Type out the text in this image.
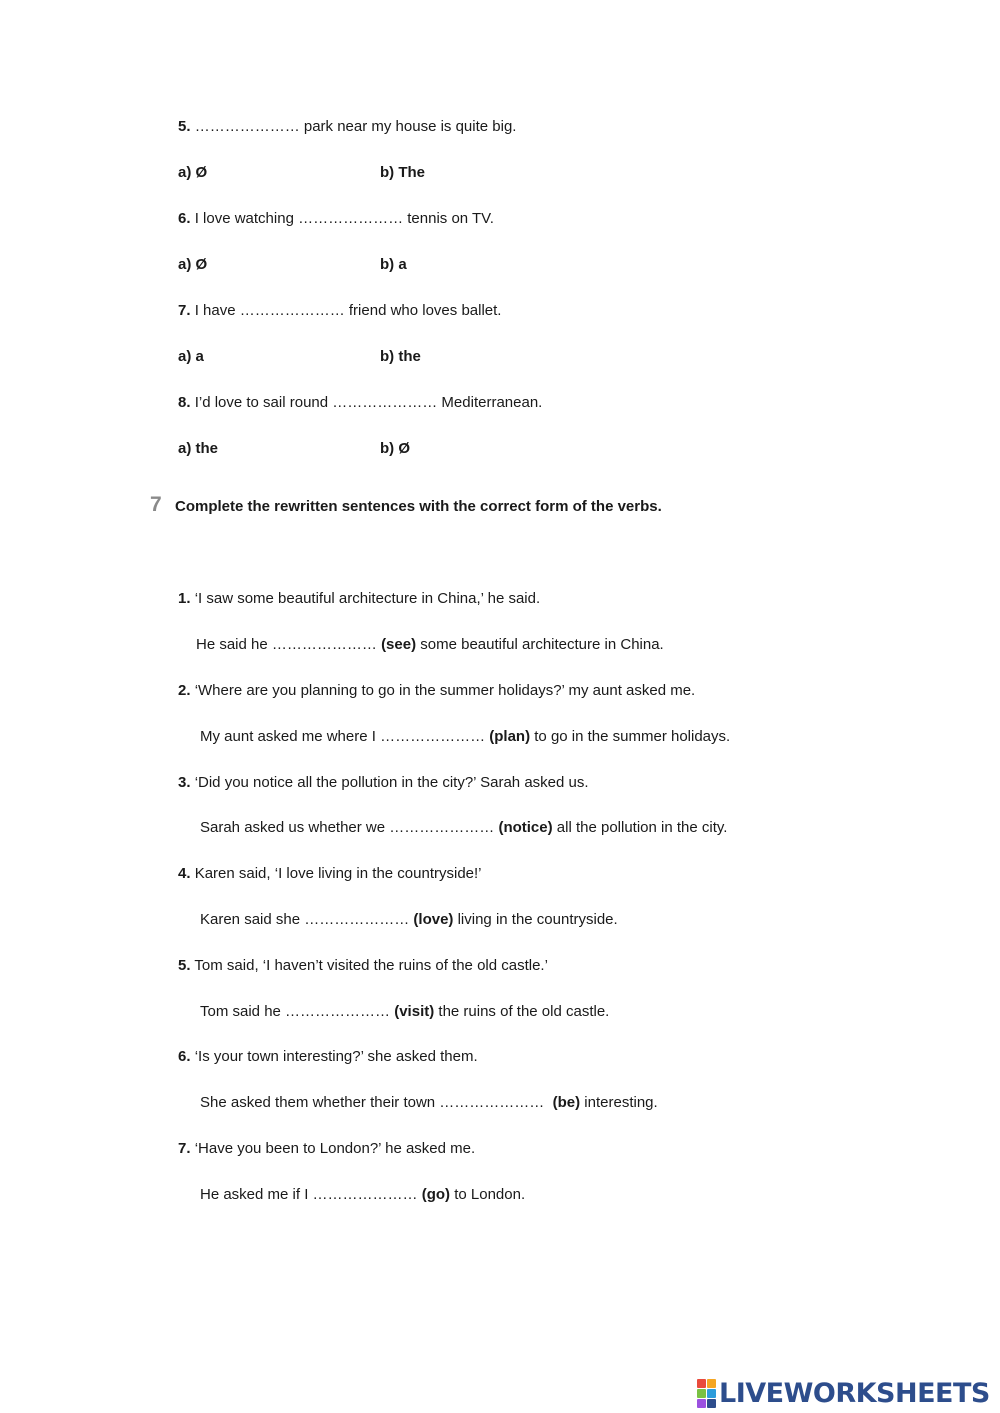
5. ………………… park near my house is quite big.
a) Ø	b) The
6. I love watching ………………… tennis on TV.
a) Ø	b) a
7. I have ………………… friend who loves ballet.
a) a	b) the
8. I’d love to sail round ………………… Mediterranean.
a) the	b) Ø
7 Complete the rewritten sentences with the correct form of the verbs.
1. ‘I saw some beautiful architecture in China,’ he said.
He said he ………………… (see) some beautiful architecture in China.
2. ‘Where are you planning to go in the summer holidays?’ my aunt asked me.
My aunt asked me where I ………………… (plan) to go in the summer holidays.
3. ‘Did you notice all the pollution in the city?’ Sarah asked us.
Sarah asked us whether we ………………… (notice) all the pollution in the city.
4. Karen said, ‘I love living in the countryside!’
Karen said she ………………… (love) living in the countryside.
5. Tom said, ‘I haven’t visited the ruins of the old castle.’
Tom said he ………………… (visit) the ruins of the old castle.
6. ‘Is your town interesting?’ she asked them.
She asked them whether their town ………………… (be) interesting.
7. ‘Have you been to London?’ he asked me.
He asked me if I ………………… (go) to London.
LIVEWORKSHEETS
